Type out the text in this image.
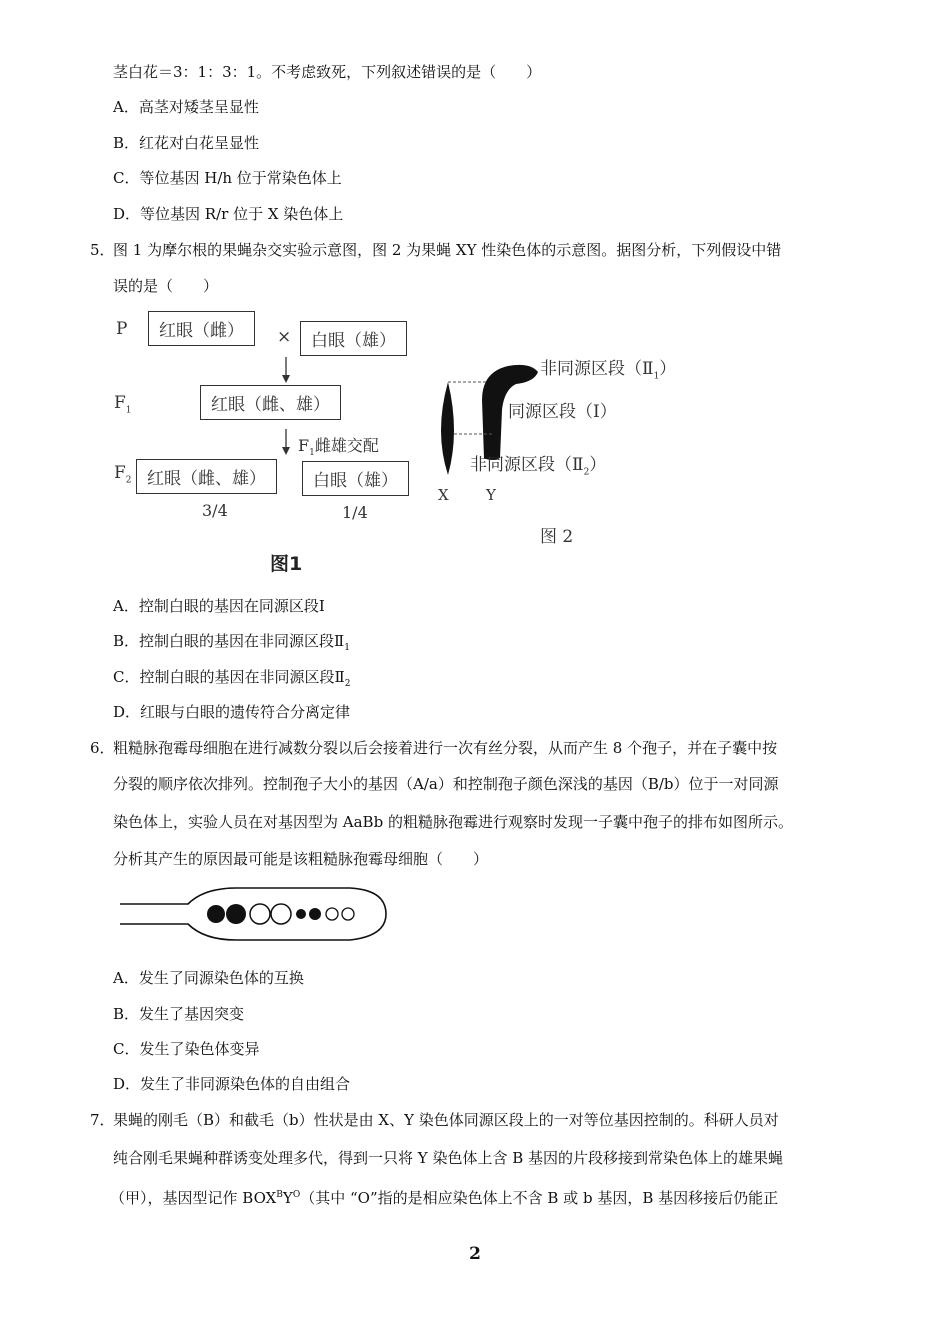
茎白花＝3：1：3：1。不考虑致死，下列叙述错误的是（　　）
A．高茎对矮茎呈显性
B．红花对白花呈显性
C．等位基因 H/h 位于常染色体上
D．等位基因 R/r 位于 X 染色体上
5．图 1 为摩尔根的果蝇杂交实验示意图，图 2 为果蝇 XY 性染色体的示意图。据图分析，下列假设中错
误的是（　　）
P	红眼（雌）	×	白眼（雄）
$F_1$	红眼（雌、雄）
$F_1$雌雄交配
$F_2$ 红眼（雌、雄）	白眼（雄）
3/4	1/4
图1
非同源区段$(Ⅱ_1)$
同源区段（Ⅰ）
非同源区段$(Ⅱ_2)$
X Y
图 2
A．控制白眼的基因在同源区段Ⅰ
B．控制白眼的基因在非同源区段$Ⅱ_1$
C．控制白眼的基因在非同源区段$Ⅱ_2$
D．红眼与白眼的遗传符合分离定律
6．粗糙脉孢霉母细胞在进行减数分裂以后会接着进行一次有丝分裂，从而产生 8 个孢子，并在子囊中按
分裂的顺序依次排列。控制孢子大小的基因（A/a）和控制孢子颜色深浅的基因（B/b）位于一对同源
染色体上，实验人员在对基因型为 AaBb 的粗糙脉孢霉进行观察时发现一子囊中孢子的排布如图所示。
分析其产生的原因最可能是该粗糙脉孢霉母细胞（　　）
A．发生了同源染色体的互换
B．发生了基因突变
C．发生了染色体变异
D．发生了非同源染色体的自由组合
7．果蝇的刚毛（B）和截毛（b）性状是由 X、Y 染色体同源区段上的一对等位基因控制的。科研人员对
纯合刚毛果蝇种群诱变处理多代，得到一只将 Y 染色体上含 B 基因的片段移接到常染色体上的雄果蝇
（甲），基因型记作 $BOX^BY^O$（其中 “O”指的是相应染色体上不含 B 或 b 基因，B 基因移接后仍能正
2
